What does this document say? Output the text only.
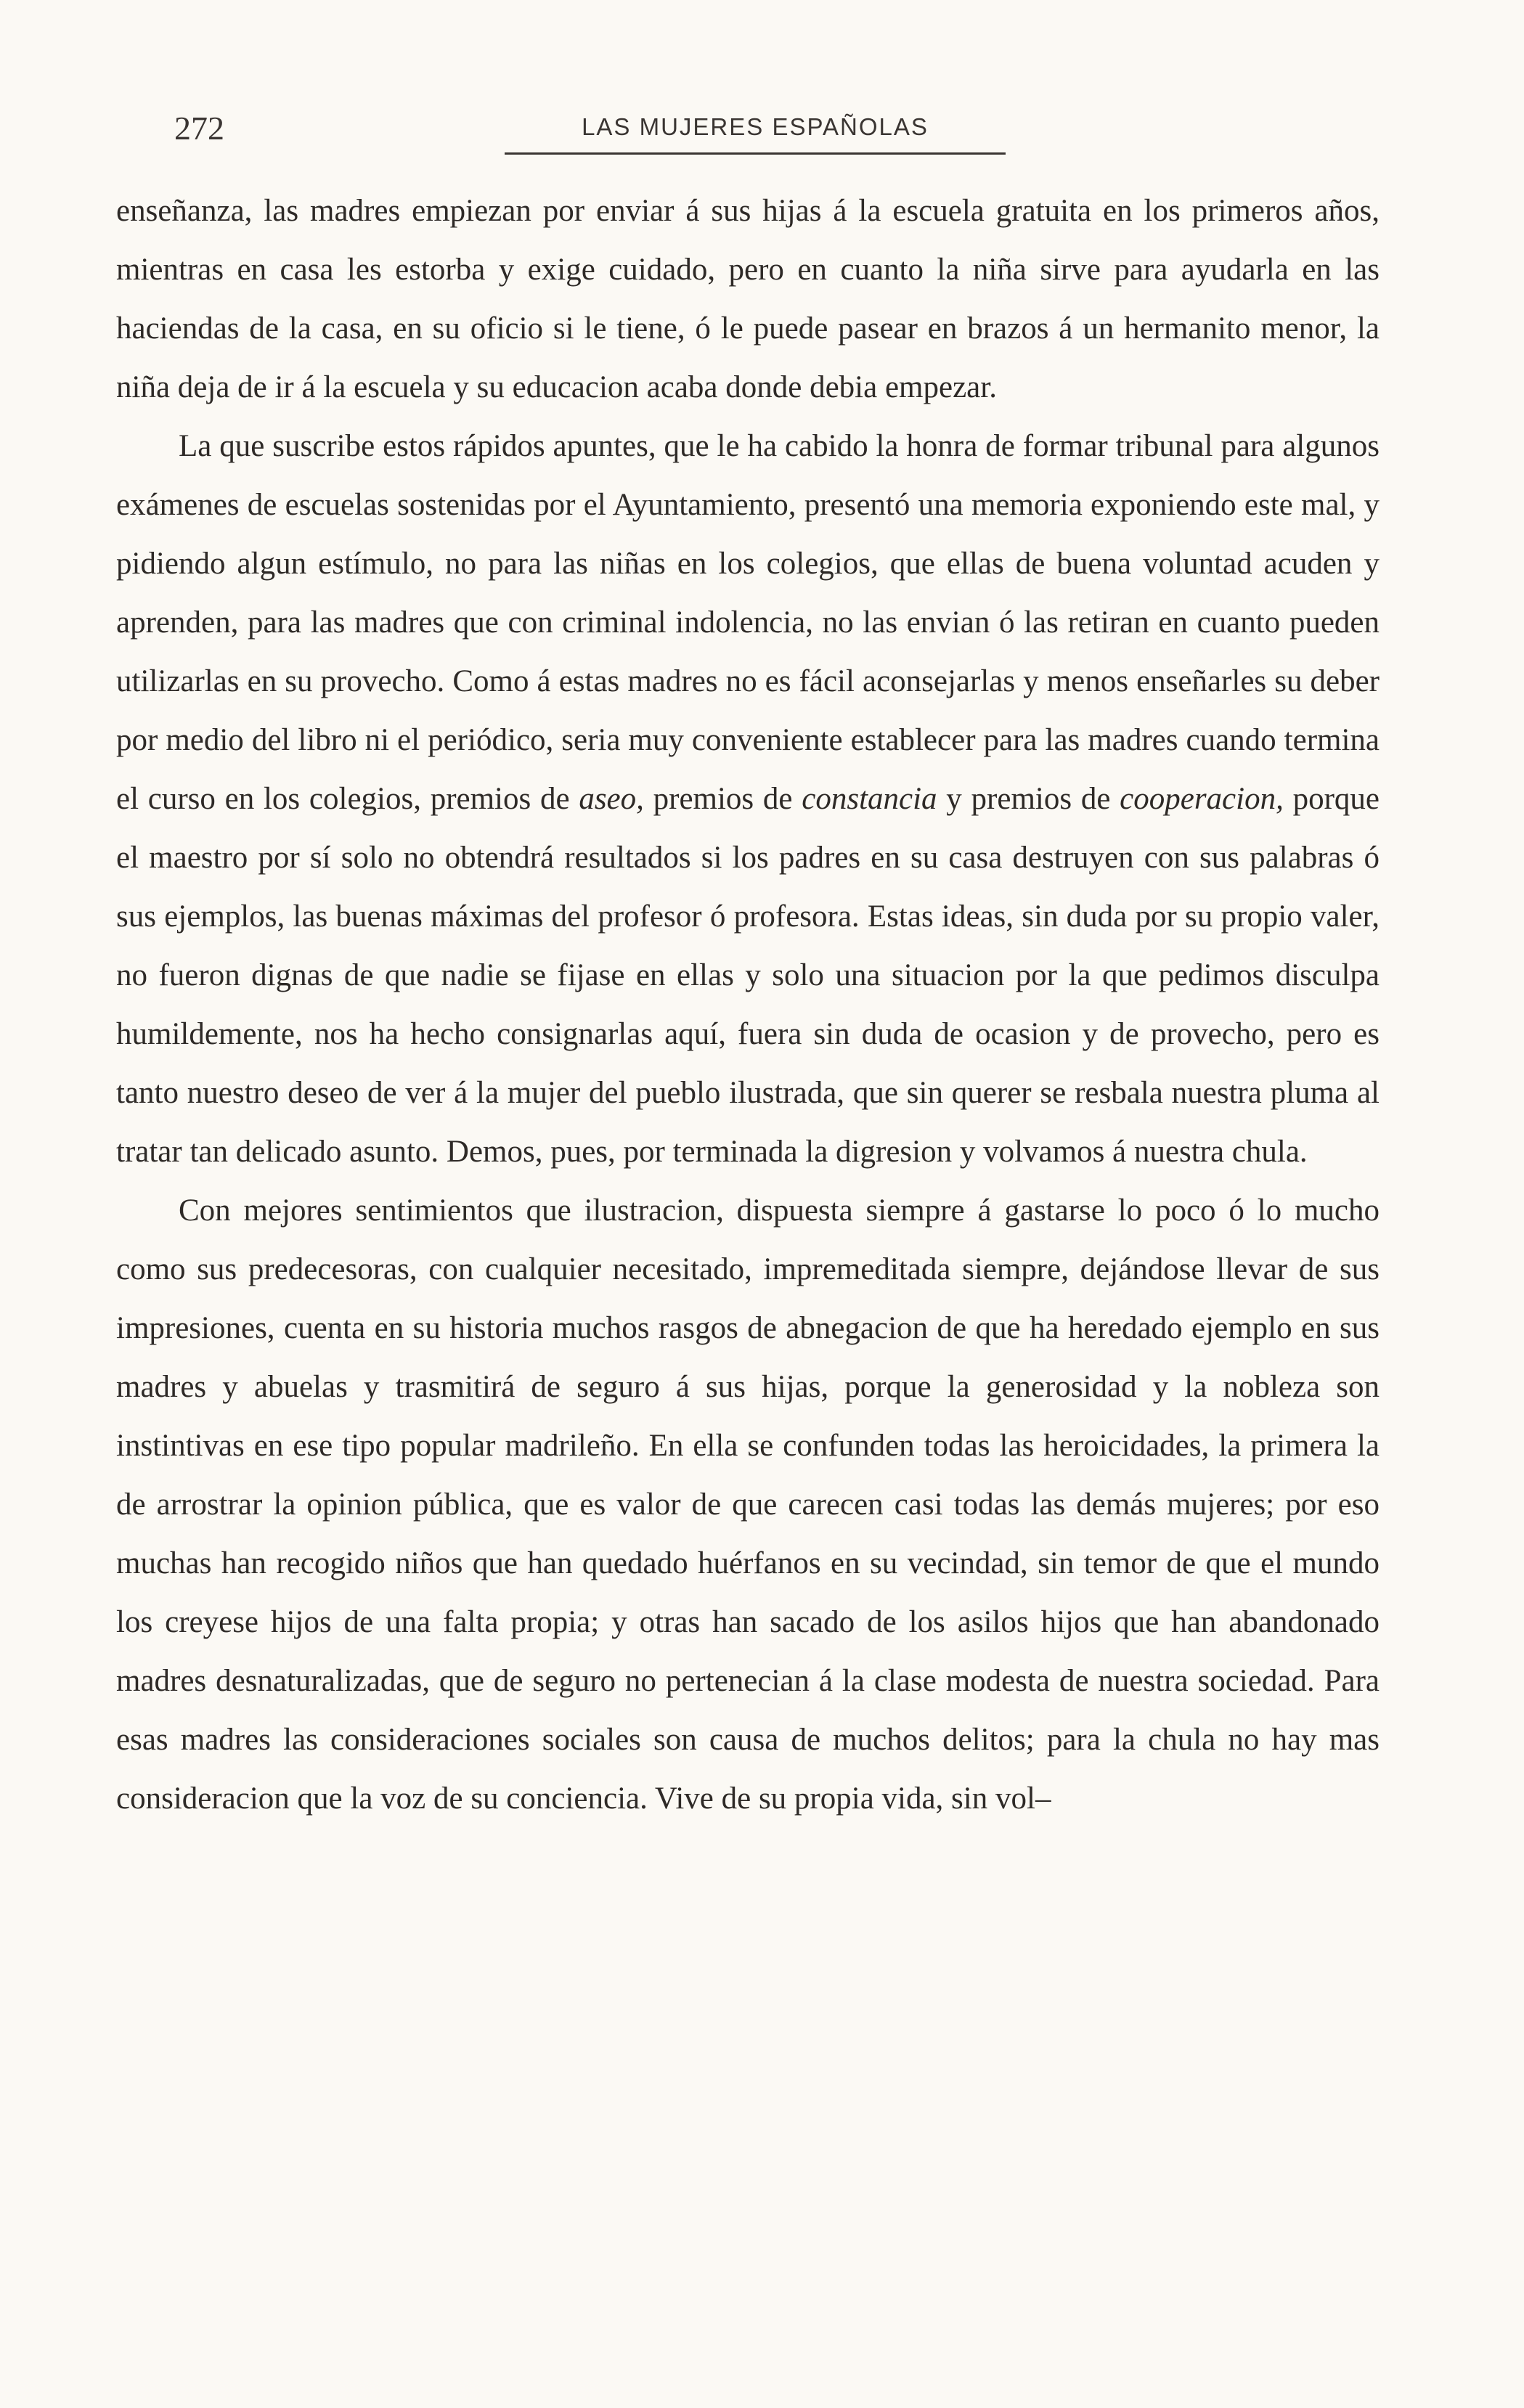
272	LAS MUJERES ESPAÑOLAS

enseñanza, las madres empiezan por enviar á sus hijas á la escuela gratuita en los primeros años, mientras en casa les estorba y exige cuidado, pero en cuanto la niña sirve para ayudarla en las haciendas de la casa, en su oficio si le tiene, ó le puede pasear en brazos á un hermanito menor, la niña deja de ir á la escuela y su educacion acaba donde debia empezar.

La que suscribe estos rápidos apuntes, que le ha cabido la honra de formar tribunal para algunos exámenes de escuelas sostenidas por el Ayuntamiento, presentó una memoria exponiendo este mal, y pidiendo algun estímulo, no para las niñas en los colegios, que ellas de buena voluntad acuden y aprenden, para las madres que con criminal indolencia, no las envian ó las retiran en cuanto pueden utilizarlas en su provecho. Como á estas madres no es fácil aconsejarlas y menos enseñarles su deber por medio del libro ni el periódico, seria muy conveniente establecer para las madres cuando termina el curso en los colegios, premios de aseo, premios de constancia y premios de cooperacion, porque el maestro por sí solo no obtendrá resultados si los padres en su casa destruyen con sus palabras ó sus ejemplos, las buenas máximas del profesor ó profesora. Estas ideas, sin duda por su propio valer, no fueron dignas de que nadie se fijase en ellas y solo una situacion por la que pedimos disculpa humildemente, nos ha hecho consignarlas aquí, fuera sin duda de ocasion y de provecho, pero es tanto nuestro deseo de ver á la mujer del pueblo ilustrada, que sin querer se resbala nuestra pluma al tratar tan delicado asunto. Demos, pues, por terminada la digresion y volvamos á nuestra chula.

Con mejores sentimientos que ilustracion, dispuesta siempre á gastarse lo poco ó lo mucho como sus predecesoras, con cualquier necesitado, impremeditada siempre, dejándose llevar de sus impresiones, cuenta en su historia muchos rasgos de abnegacion de que ha heredado ejemplo en sus madres y abuelas y trasmitirá de seguro á sus hijas, porque la generosidad y la nobleza son instintivas en ese tipo popular madrileño. En ella se confunden todas las heroicidades, la primera la de arrostrar la opinion pública, que es valor de que carecen casi todas las demás mujeres; por eso muchas han recogido niños que han quedado huérfanos en su vecindad, sin temor de que el mundo los creyese hijos de una falta propia; y otras han sacado de los asilos hijos que han abandonado madres desnaturalizadas, que de seguro no pertenecian á la clase modesta de nuestra sociedad. Para esas madres las consideraciones sociales son causa de muchos delitos; para la chula no hay mas consideracion que la voz de su conciencia. Vive de su propia vida, sin vol–
